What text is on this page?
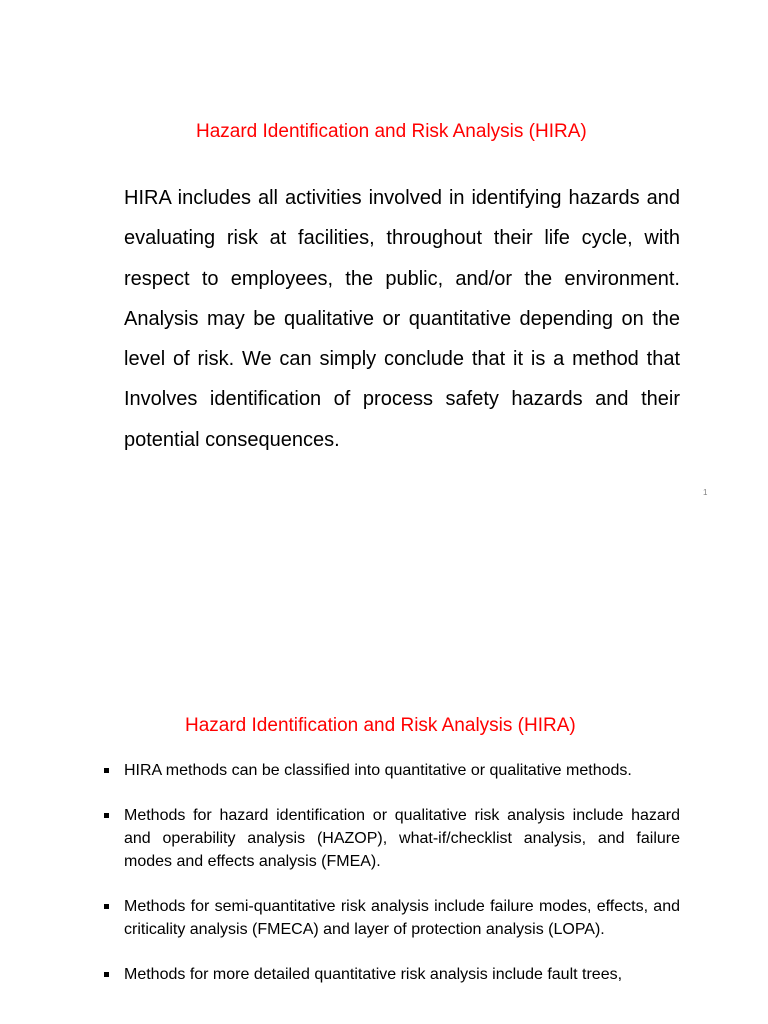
Hazard Identification and Risk Analysis (HIRA)

HIRA includes all activities involved in identifying hazards and evaluating risk at facilities, throughout their life cycle, with respect to employees, the public, and/or the environment. Analysis may be qualitative or quantitative depending on the level of risk. We can simply conclude that it is a method that Involves identification of process safety hazards and their potential consequences.

1
Hazard Identification and Risk Analysis (HIRA)
HIRA methods can be classified into quantitative or qualitative methods.
Methods for hazard identification or qualitative risk analysis include hazard and operability analysis (HAZOP), what-if/checklist analysis, and failure modes and effects analysis (FMEA).
Methods for semi-quantitative risk analysis include failure modes, effects, and criticality analysis (FMECA) and layer of protection analysis (LOPA).
Methods for more detailed quantitative risk analysis include fault trees,
